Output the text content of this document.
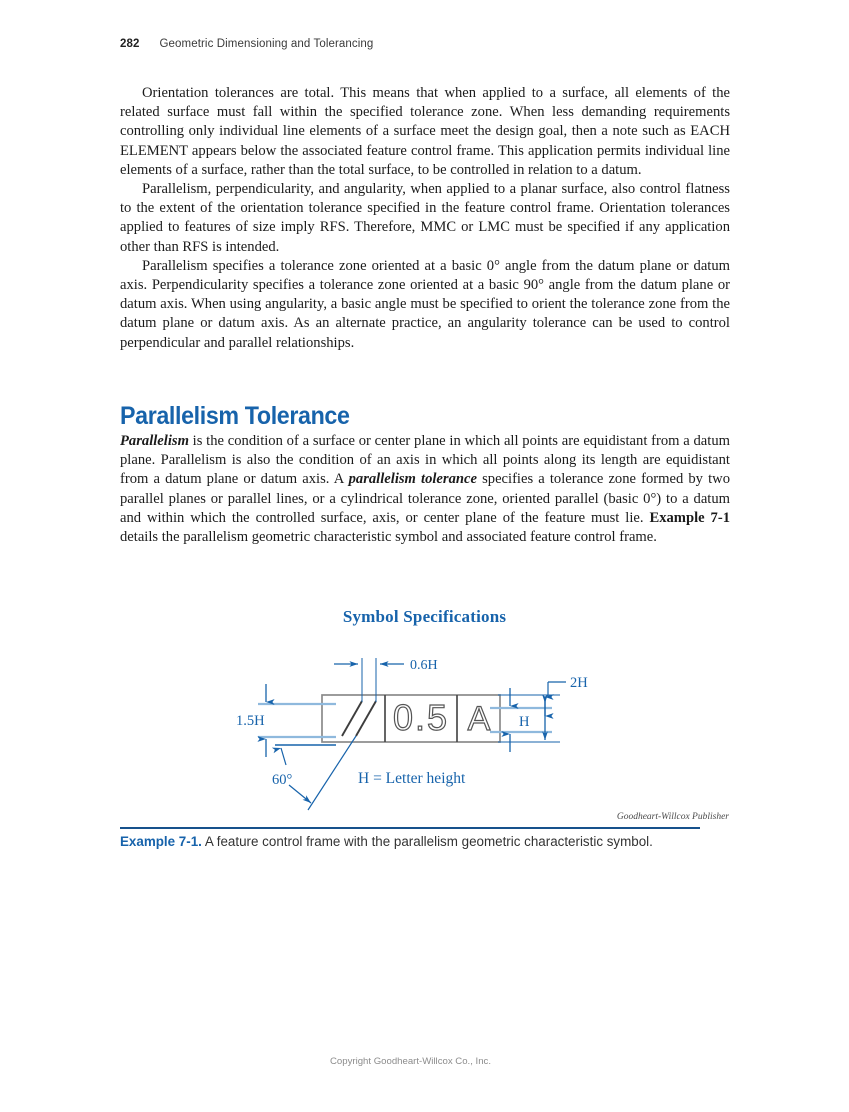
282 Geometric Dimensioning and Tolerancing

Orientation tolerances are total. This means that when applied to a surface, all elements of the related surface must fall within the specified tolerance zone. When less demanding requirements controlling only individual line elements of a surface meet the design goal, then a note such as EACH ELEMENT appears below the associated feature control frame. This application permits individual line elements of a surface, rather than the total surface, to be controlled in relation to a datum.

Parallelism, perpendicularity, and angularity, when applied to a planar surface, also control flatness to the extent of the orientation tolerance specified in the feature control frame. Orientation tolerances applied to features of size imply RFS. Therefore, MMC or LMC must be specified if any application other than RFS is intended.

Parallelism specifies a tolerance zone oriented at a basic 0° angle from the datum plane or datum axis. Perpendicularity specifies a tolerance zone oriented at a basic 90° angle from the datum plane or datum axis. When using angularity, a basic angle must be specified to orient the tolerance zone from the datum plane or datum axis. As an alternate practice, an angularity tolerance can be used to control perpendicular and parallel relationships.

Parallelism Tolerance

Parallelism is the condition of a surface or center plane in which all points are equidistant from a datum plane. Parallelism is also the condition of an axis in which all points along its length are equidistant from a datum plane or datum axis. A parallelism tolerance specifies a tolerance zone formed by two parallel planes or parallel lines, or a cylindrical tolerance zone, oriented parallel (basic 0°) to a datum and within which the controlled surface, axis, or center plane of the feature must lie. Example 7-1 details the parallelism geometric characteristic symbol and associated feature control frame.

Symbol Specifications
0.5 A
0.6H
1.5H	H
2H
60°	H = Letter height
Goodheart-Willcox Publisher
Example 7-1. A feature control frame with the parallelism geometric characteristic symbol.
Copyright Goodheart-Willcox Co., Inc.
